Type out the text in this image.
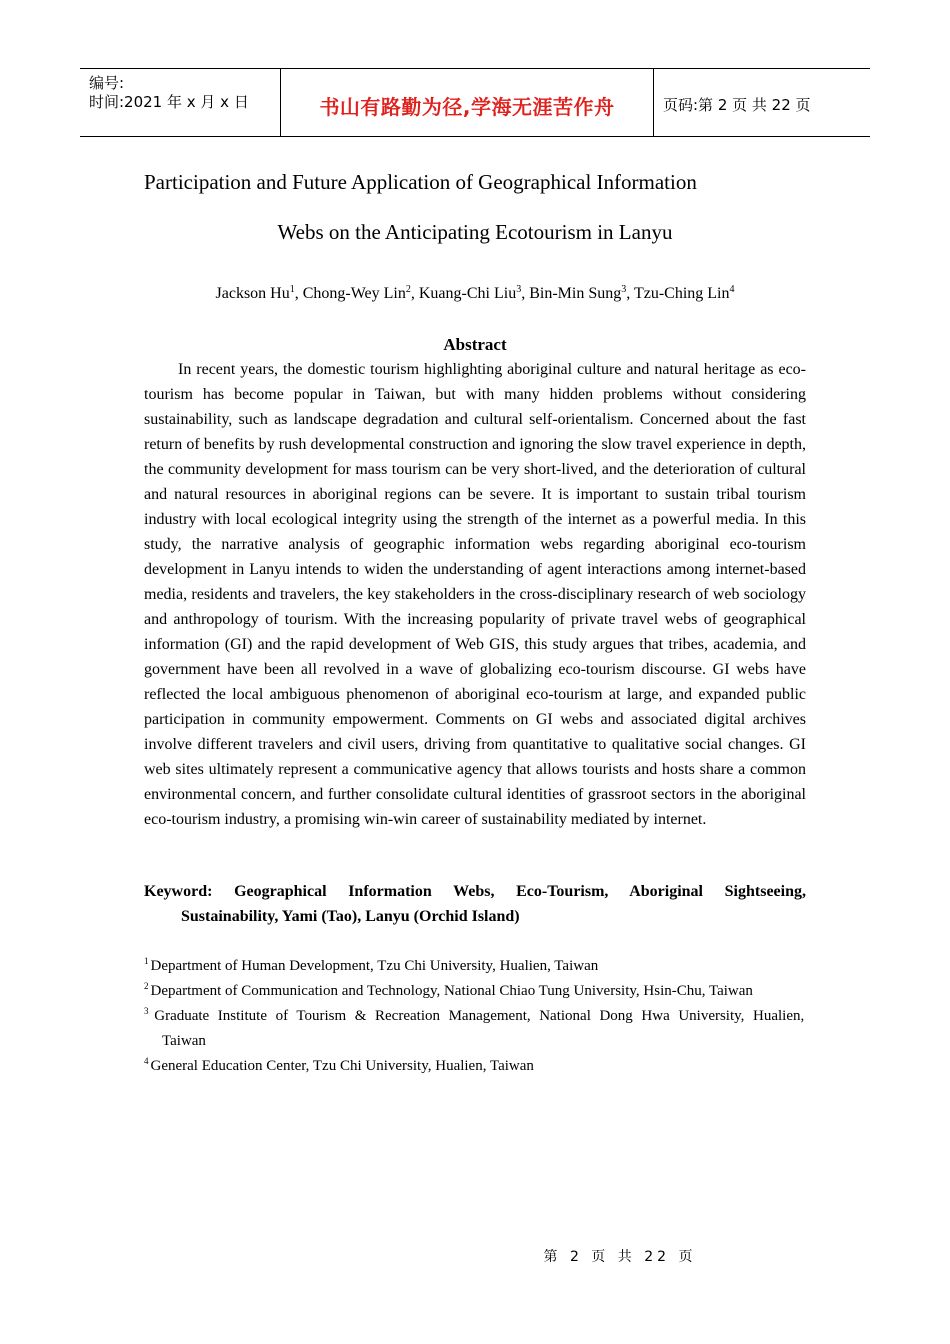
编号:
时间:2021 年 x 月 x 日	书山有路勤为径,学海无涯苦作舟	页码:第 2 页 共 22 页
Participation and Future Application of Geographical Information
Webs on the Anticipating Ecotourism in Lanyu
Jackson Hu$^1$, Chong-Wey Lin$^2$, Kuang-Chi Liu$^3$, Bin-Min Sung$^3$, Tzu-Ching Lin$^4$
Abstract

In recent years, the domestic tourism highlighting aboriginal culture and natural heritage as eco-tourism has become popular in Taiwan, but with many hidden problems without considering sustainability, such as landscape degradation and cultural self-orientalism. Concerned about the fast return of benefits by rush developmental construction and ignoring the slow travel experience in depth, the community development for mass tourism can be very short-lived, and the deterioration of cultural and natural resources in aboriginal regions can be severe. It is important to sustain tribal tourism industry with local ecological integrity using the strength of the internet as a powerful media. In this study, the narrative analysis of geographic information webs regarding aboriginal eco-tourism development in Lanyu intends to widen the understanding of agent interactions among internet-based media, residents and travelers, the key stakeholders in the cross-disciplinary research of web sociology and anthropology of tourism. With the increasing popularity of private travel webs of geographical information (GI) and the rapid development of Web GIS, this study argues that tribes, academia, and government have been all revolved in a wave of globalizing eco-tourism discourse. GI webs have reflected the local ambiguous phenomenon of aboriginal eco-tourism at large, and expanded public participation in community empowerment. Comments on GI webs and associated digital archives involve different travelers and civil users, driving from quantitative to qualitative social changes. GI web sites ultimately represent a communicative agency that allows tourists and hosts share a common environmental concern, and further consolidate cultural identities of grassroot sectors in the aboriginal eco-tourism industry, a promising win-win career of sustainability mediated by internet.

Keyword: Geographical Information Webs, Eco-Tourism, Aboriginal Sightseeing,
Sustainability, Yami (Tao), Lanyu (Orchid Island)
$^1$ Department of Human Development, Tzu Chi University, Hualien, Taiwan
$^2$ Department of Communication and Technology, National Chiao Tung University, Hsin-Chu, Taiwan
$^3$ Graduate Institute of Tourism & Recreation Management, National Dong Hwa University, Hualien,
Taiwan
$^4$ General Education Center, Tzu Chi University, Hualien, Taiwan
第 2 页 共 22 页
